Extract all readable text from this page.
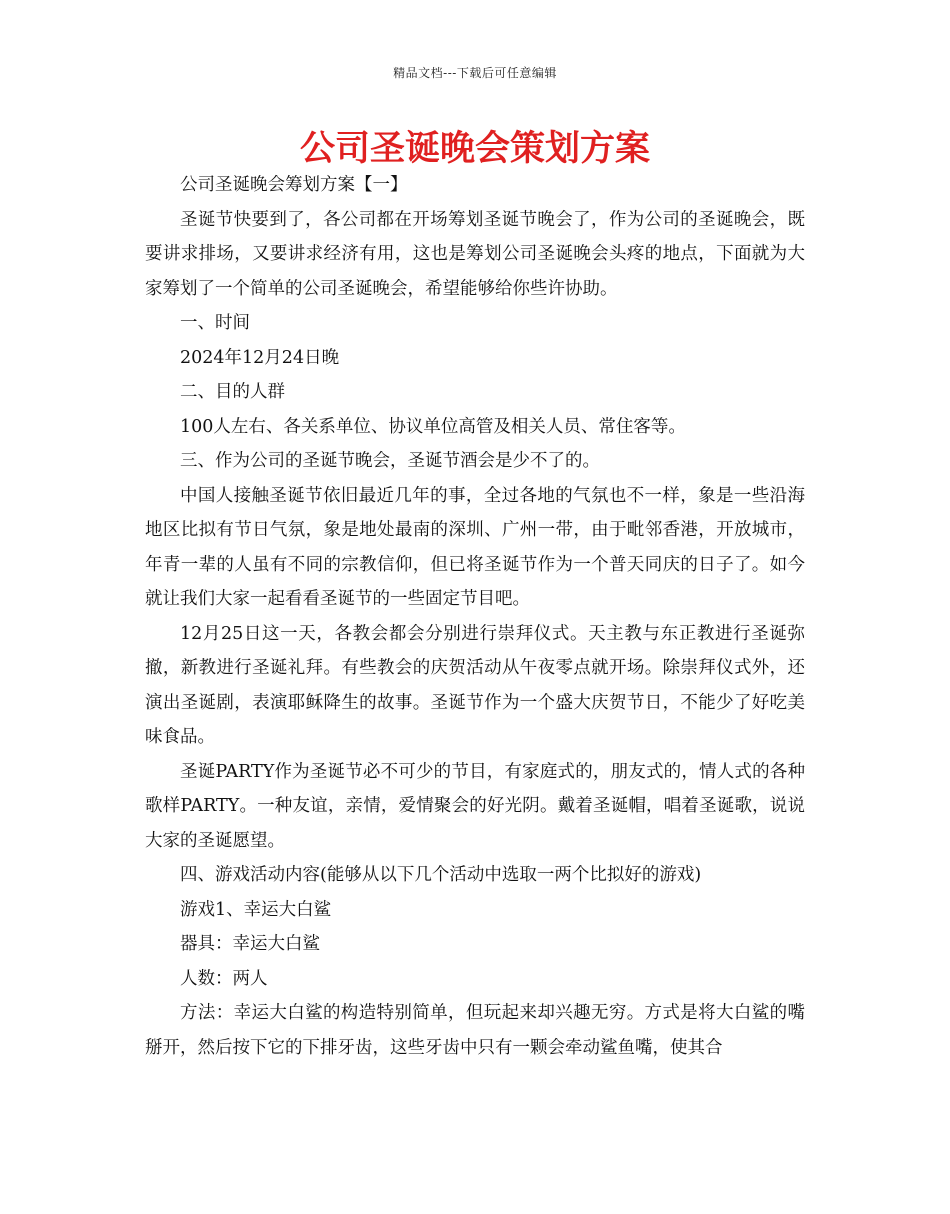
精品文档---下载后可任意编辑
公司圣诞晚会策划方案

公司圣诞晚会筹划方案【一】

圣诞节快要到了，各公司都在开场筹划圣诞节晚会了，作为公司的圣诞晚会，既要讲求排场，又要讲求经济有用，这也是筹划公司圣诞晚会头疼的地点，下面就为大家筹划了一个简单的公司圣诞晚会，希望能够给你些许协助。

一、时间

2024年12月24日晚

二、目的人群

100人左右、各关系单位、协议单位高管及相关人员、常住客等。

三、作为公司的圣诞节晚会，圣诞节酒会是少不了的。

中国人接触圣诞节依旧最近几年的事，全过各地的气氛也不一样，象是一些沿海地区比拟有节日气氛，象是地处最南的深圳、广州一带，由于毗邻香港，开放城市，年青一辈的人虽有不同的宗教信仰，但已将圣诞节作为一个普天同庆的日子了。如今就让我们大家一起看看圣诞节的一些固定节目吧。

12月25日这一天，各教会都会分别进行崇拜仪式。天主教与东正教进行圣诞弥撤，新教进行圣诞礼拜。有些教会的庆贺活动从午夜零点就开场。除崇拜仪式外，还演出圣诞剧，表演耶稣降生的故事。圣诞节作为一个盛大庆贺节日，不能少了好吃美味食品。

圣诞PARTY作为圣诞节必不可少的节目，有家庭式的，朋友式的，情人式的各种歌样PARTY。一种友谊，亲情，爱情聚会的好光阴。戴着圣诞帽，唱着圣诞歌，说说大家的圣诞愿望。

四、游戏活动内容(能够从以下几个活动中选取一两个比拟好的游戏)

游戏1、幸运大白鲨

器具：幸运大白鲨

人数：两人

方法：幸运大白鲨的构造特别简单，但玩起来却兴趣无穷。方式是将大白鲨的嘴掰开，然后按下它的下排牙齿，这些牙齿中只有一颗会牵动鲨鱼嘴，使其合
